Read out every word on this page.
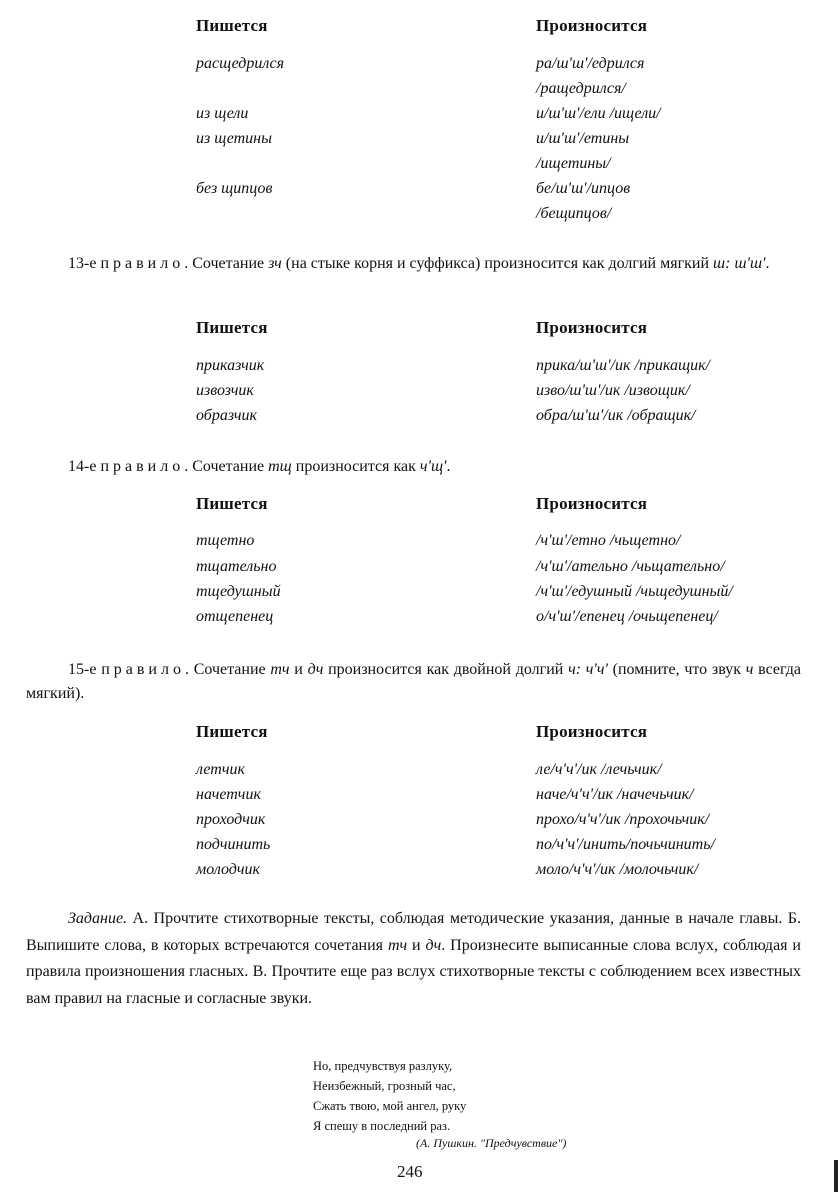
Пишется	Произносится
расщедрился	ра/ш'ш'/едрился
/ращедрился/
из щели	и/ш'ш'/ели /ищели/
из щетины	и/ш'ш'/етины
/ищетины/
без щипцов	бе/ш'ш'/ипцов
/бещипцов/
13-е правило. Сочетание зч (на стыке корня и суффикса) произносится как долгий мягкий ш: ш'ш'.
Пишется	Произносится
приказчик	прика/ш'ш'/ик /прикащик/
извозчик	изво/ш'ш'/ик /извощик/
образчик	обра/ш'ш'/ик /обращик/
14-е правило. Сочетание тщ произносится как ч'щ'.
Пишется	Произносится
тщетно	/ч'ш'/етно /чьщетно/
тщательно	/ч'ш'/ательно /чьщательно/
тщедушный	/ч'ш'/едушный /чьщедушный/
отщепенец	о/ч'ш'/епенец /очьщепенец/
15-е правило. Сочетание тч и дч произносится как двойной долгий ч: ч'ч' (помните, что звук ч всегда мягкий).
Пишется	Произносится
летчик	ле/ч'ч'/ик /лечьчик/
начетчик	наче/ч'ч'/ик /начечьчик/
проходчик	прохо/ч'ч'/ик /прохочьчик/
подчинить	по/ч'ч'/инить/почьчинить/
молодчик	моло/ч'ч'/ик /молочьчик/
Задание. А. Прочтите стихотворные тексты, соблюдая методические указания, данные в начале главы. Б. Выпишите слова, в которых встречаются сочетания тч и дч. Произнесите выписанные слова вслух, соблюдая и правила произношения гласных. В. Прочтите еще раз вслух стихотворные тексты с соблюдением всех известных вам правил на гласные и согласные звуки.
Но, предчувствуя разлуку,
Неизбежный, грозный час,
Сжать твою, мой ангел, руку
Я спешу в последний раз.
(А. Пушкин. "Предчувствие")
246
